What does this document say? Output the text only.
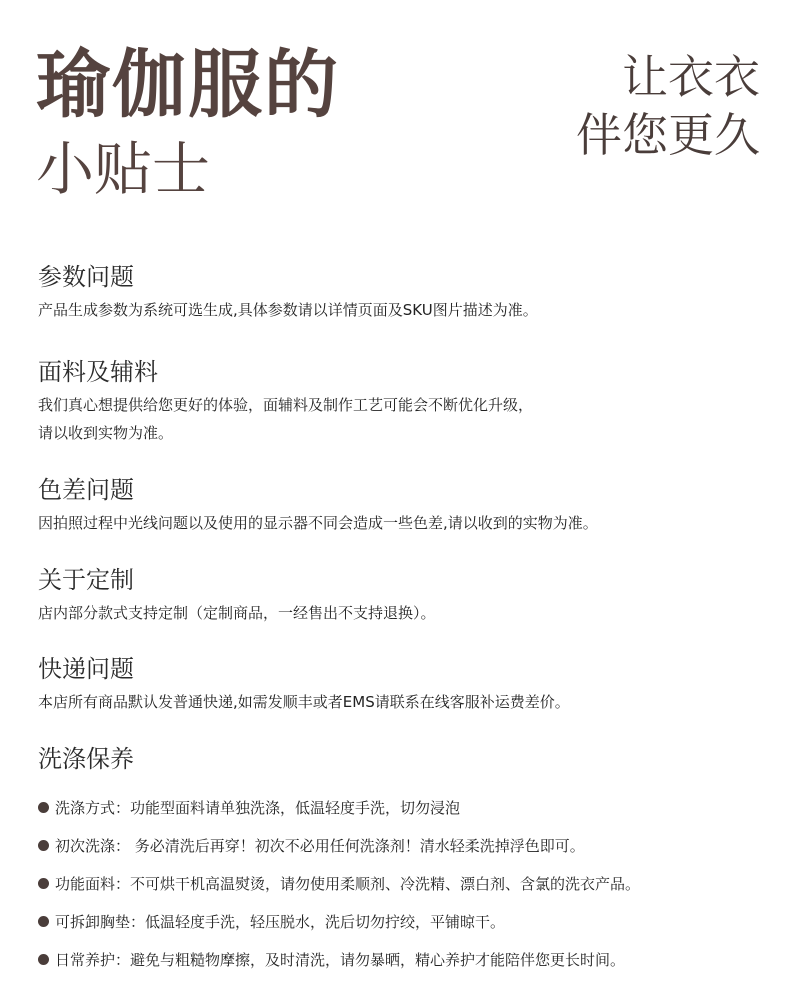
瑜伽服的
小贴士
让衣衣
伴您更久
参数问题
产品生成参数为系统可选生成,具体参数请以详情页面及SKU图片描述为准。
面料及辅料
我们真心想提供给您更好的体验，面辅料及制作工艺可能会不断优化升级，
请以收到实物为准。
色差问题
因拍照过程中光线问题以及使用的显示器不同会造成一些色差,请以收到的实物为准。
关于定制
店内部分款式支持定制（定制商品，一经售出不支持退换）。
快递问题
本店所有商品默认发普通快递,如需发顺丰或者EMS请联系在线客服补运费差价。
洗涤保养
洗涤方式：功能型面料请单独洗涤，低温轻度手洗，切勿浸泡
初次洗涤： 务必清洗后再穿！初次不必用任何洗涤剂！清水轻柔洗掉浮色即可。
功能面料：不可烘干机高温熨烫，请勿使用柔顺剂、冷洗精、漂白剂、含氯的洗衣产品。
可拆卸胸垫：低温轻度手洗，轻压脱水，洗后切勿拧绞，平铺晾干。
日常养护：避免与粗糙物摩擦，及时清洗，请勿暴晒，精心养护才能陪伴您更长时间。
